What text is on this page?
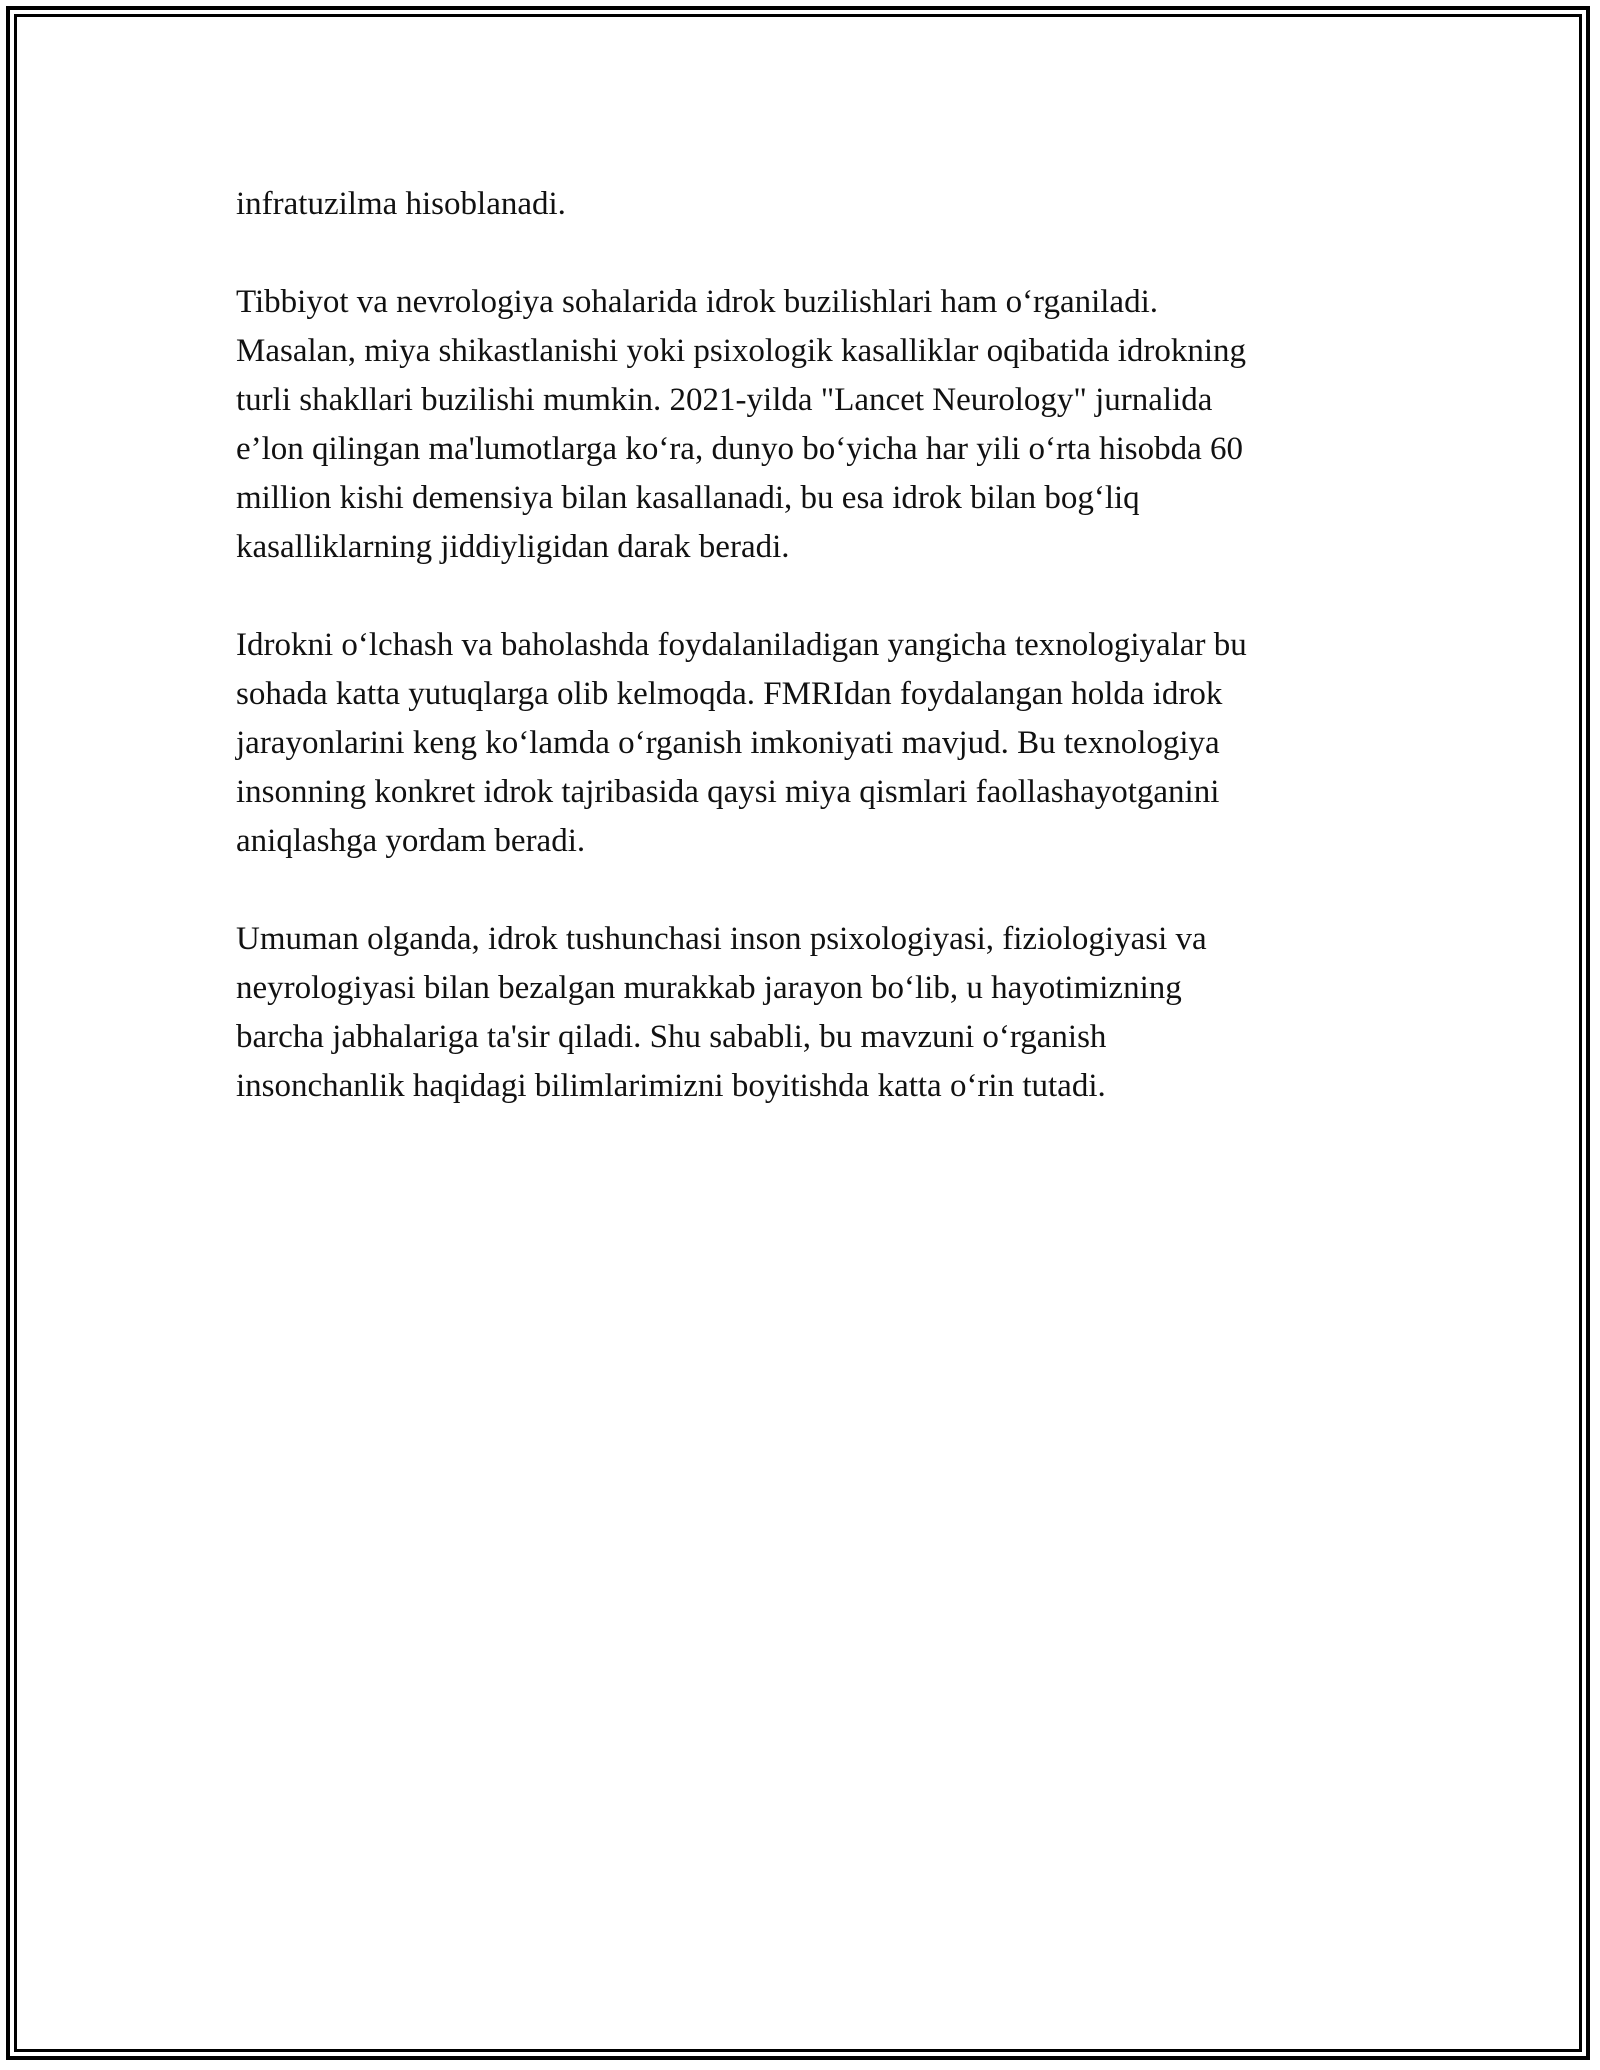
infratuzilma hisoblanadi.

Tibbiyot va nevrologiya sohalarida idrok buzilishlari ham o‘rganiladi.
Masalan, miya shikastlanishi yoki psixologik kasalliklar oqibatida idrokning
turli shakllari buzilishi mumkin. 2021-yilda "Lancet Neurology" jurnalida
e’lon qilingan ma'lumotlarga ko‘ra, dunyo bo‘yicha har yili o‘rta hisobda 60
million kishi demensiya bilan kasallanadi, bu esa idrok bilan bog‘liq
kasalliklarning jiddiyligidan darak beradi.

Idrokni o‘lchash va baholashda foydalaniladigan yangicha texnologiyalar bu
sohada katta yutuqlarga olib kelmoqda. FMRIdan foydalangan holda idrok
jarayonlarini keng ko‘lamda o‘rganish imkoniyati mavjud. Bu texnologiya
insonning konkret idrok tajribasida qaysi miya qismlari faollashayotganini
aniqlashga yordam beradi.

Umuman olganda, idrok tushunchasi inson psixologiyasi, fiziologiyasi va
neyrologiyasi bilan bezalgan murakkab jarayon bo‘lib, u hayotimizning
barcha jabhalariga ta'sir qiladi. Shu sababli, bu mavzuni o‘rganish
insonchanlik haqidagi bilimlarimizni boyitishda katta o‘rin tutadi.
